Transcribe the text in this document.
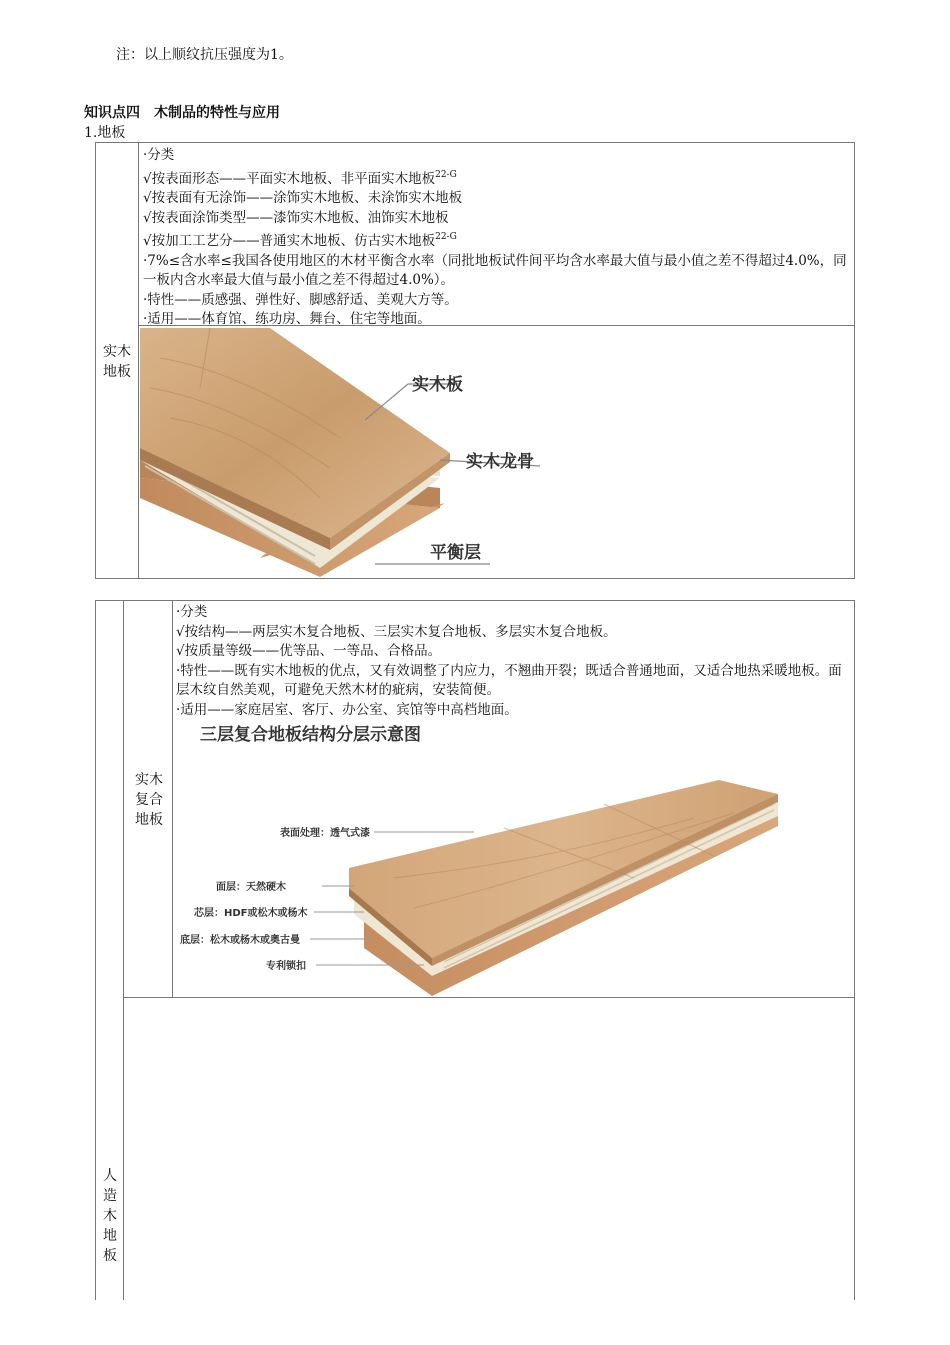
注：以上顺纹抗压强度为1。
知识点四　木制品的特性与应用
1.地板
实木
地板
·分类
√按表面形态——平面实木地板、非平面实木地板$^{22-G}$
√按表面有无涂饰——涂饰实木地板、未涂饰实木地板
√按表面涂饰类型——漆饰实木地板、油饰实木地板
√按加工工艺分——普通实木地板、仿古实木地板$^{22-G}$
·7%≤含水率≤我国各使用地区的木材平衡含水率（同批地板试件间平均含水率最大值与最小值之差不得超过4.0%，同一板内含水率最大值与最小值之差不得超过4.0%）。
·特性——质感强、弹性好、脚感舒适、美观大方等。
·适用——体育馆、练功房、舞台、住宅等地面。
实木板
实木龙骨
平衡层
人
造
木
地
板
实木
复合
地板
·分类
√按结构——两层实木复合地板、三层实木复合地板、多层实木复合地板。
√按质量等级——优等品、一等品、合格品。
·特性——既有实木地板的优点，又有效调整了内应力，不翘曲开裂；既适合普通地面，又适合地热采暖地板。面层木纹自然美观，可避免天然木材的疵病，安装简便。
·适用——家庭居室、客厅、办公室、宾馆等中高档地面。
三层复合地板结构分层示意图
表面处理：透气式漆
面层：天然硬木
芯层：HDF或松木或杨木
底层：松木或杨木或奥古曼
专利锁扣
